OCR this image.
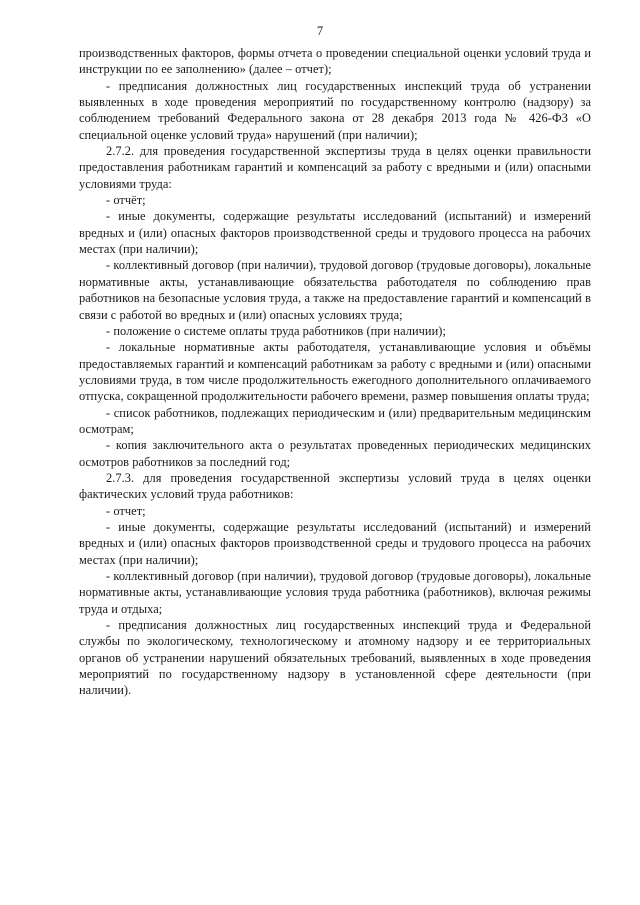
7

производственных факторов, формы отчета о проведении специальной оценки условий труда и инструкции по ее заполнению» (далее – отчет);

- предписания должностных лиц государственных инспекций труда об устранении выявленных в ходе проведения мероприятий по государственному контролю (надзору) за соблюдением требований Федерального закона от 28 декабря 2013 года № 426-ФЗ «О специальной оценке условий труда» нарушений (при наличии);

2.7.2. для проведения государственной экспертизы труда в целях оценки правильности предоставления работникам гарантий и компенсаций за работу с вредными и (или) опасными условиями труда:

- отчёт;

- иные документы, содержащие результаты исследований (испытаний) и измерений вредных и (или) опасных факторов производственной среды и трудового процесса на рабочих местах (при наличии);

- коллективный договор (при наличии), трудовой договор (трудовые договоры), локальные нормативные акты, устанавливающие обязательства работодателя по соблюдению прав работников на безопасные условия труда, а также на предоставление гарантий и компенсаций в связи с работой во вредных и (или) опасных условиях труда;

- положение о системе оплаты труда работников (при наличии);

- локальные нормативные акты работодателя, устанавливающие условия и объёмы предоставляемых гарантий и компенсаций работникам за работу с вредными и (или) опасными условиями труда, в том числе продолжительность ежегодного дополнительного оплачиваемого отпуска, сокращенной продолжительности рабочего времени, размер повышения оплаты труда;

- список работников, подлежащих периодическим и (или) предварительным медицинским осмотрам;

- копия заключительного акта о результатах проведенных периодических медицинских осмотров работников за последний год;

2.7.3. для проведения государственной экспертизы условий труда в целях оценки фактических условий труда работников:

- отчет;

- иные документы, содержащие результаты исследований (испытаний) и измерений вредных и (или) опасных факторов производственной среды и трудового процесса на рабочих местах (при наличии);

- коллективный договор (при наличии), трудовой договор (трудовые договоры), локальные нормативные акты, устанавливающие условия труда работника (работников), включая режимы труда и отдыха;

- предписания должностных лиц государственных инспекций труда и Федеральной службы по экологическому, технологическому и атомному надзору и ее территориальных органов об устранении нарушений обязательных требований, выявленных в ходе проведения мероприятий по государственному надзору в установленной сфере деятельности (при наличии).
